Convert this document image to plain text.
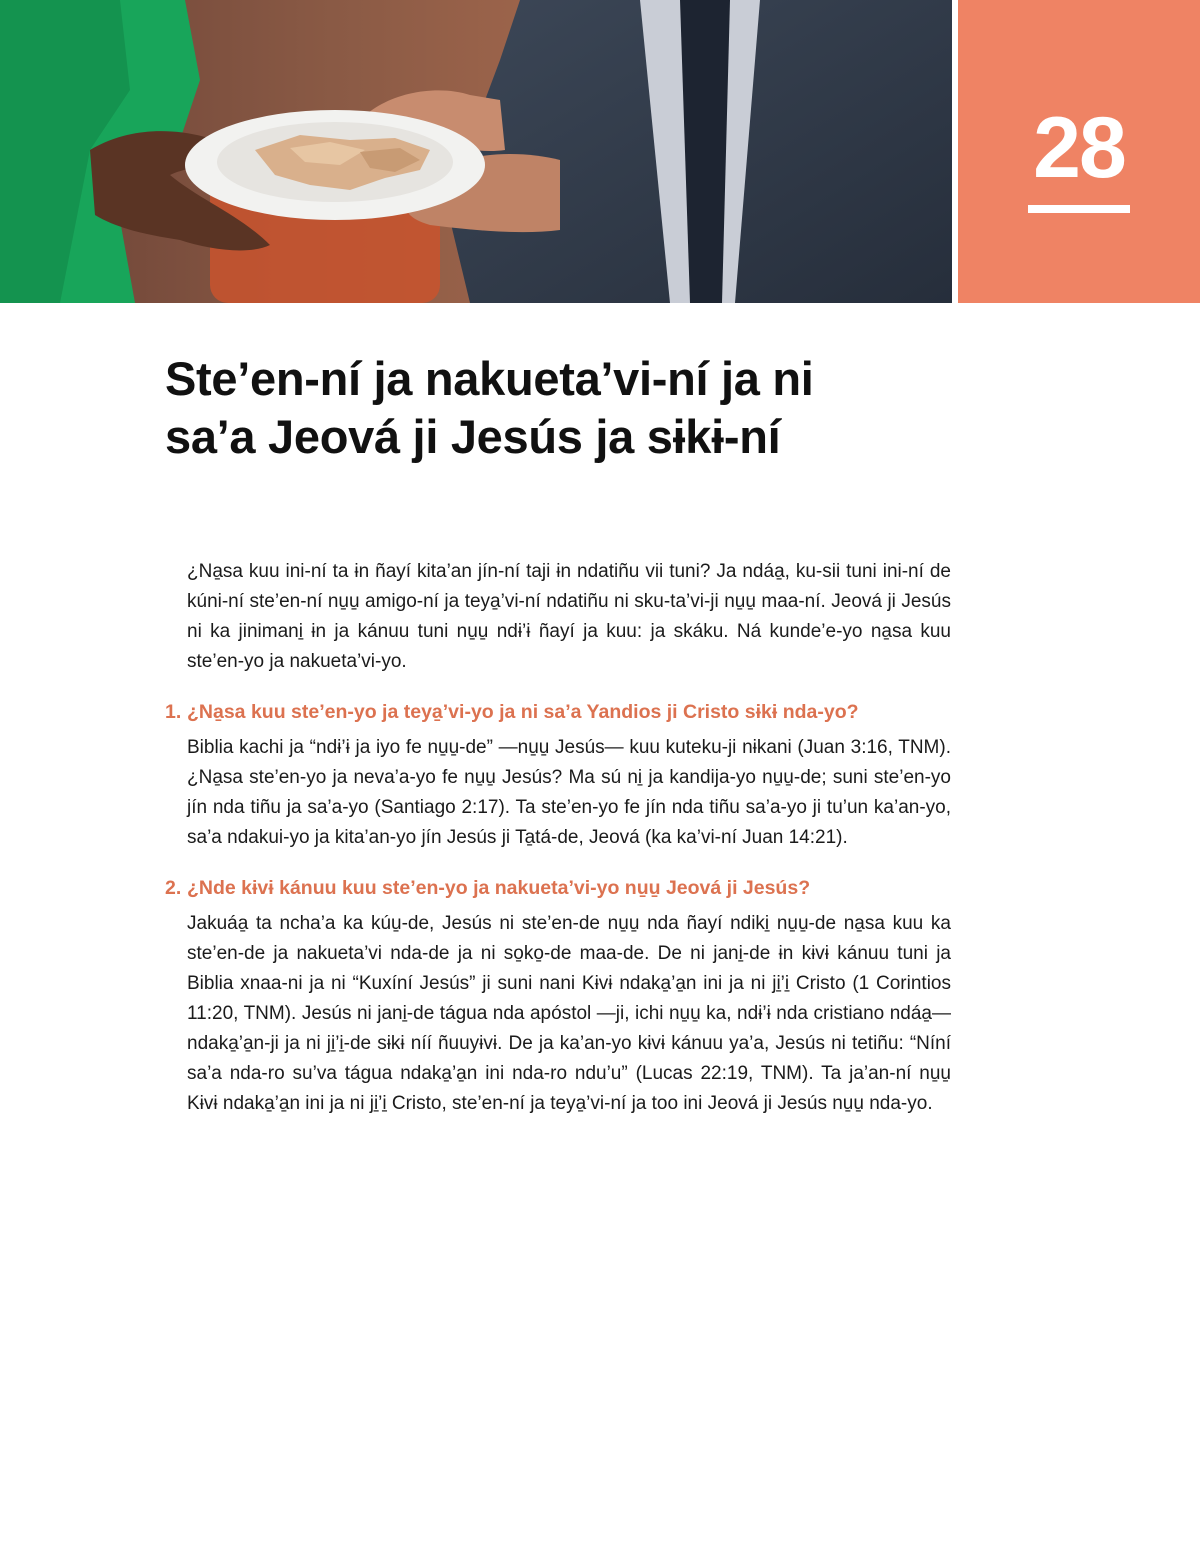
28
Ste’en-ní ja nakueta’vi-ní ja ni
sa’a Jeová ji Jesús ja sɨkɨ-ní

¿Na̱sa kuu ini-ní ta ɨn ñayí kita’an jín-ní taji ɨn ndatiñu vii tuni? Ja ndáa̱, ku-sii tuni ini-ní de kúni-ní ste’en-ní nu̱u̱ amigo-ní ja teya̱’vi-ní ndatiñu ni sku-ta’vi-ji nu̱u̱ maa-ní. Jeová ji Jesús ni ka jinimani̱ ɨn ja kánuu tuni nu̱u̱ ndɨ’ɨ ñayí ja kuu: ja skáku. Ná kunde’e-yo na̱sa kuu ste’en-yo ja nakueta’vi-yo.

1. ¿Na̱sa kuu ste’en-yo ja teya̱’vi-yo ja ni sa’a Yandios ji Cristo sɨkɨ nda-yo?

Biblia kachi ja “ndɨ’ɨ ja iyo fe nu̱u̱-de” —nu̱u̱ Jesús— kuu kuteku-ji nɨkani (Juan 3:16, TNM). ¿Na̱sa ste’en-yo ja neva’a-yo fe nu̱u̱ Jesús? Ma sú ni̱ ja kandija-yo nu̱u̱-de; suni ste’en-yo jín nda tiñu ja sa’a-yo (Santiago 2:17). Ta ste’en-yo fe jín nda tiñu sa’a-yo ji tu’un ka’an-yo, sa’a ndakui-yo ja kita’an-yo jín Jesús ji Ta̱tá-de, Jeová (ka ka’vi-ní Juan 14:21).

2. ¿Nde kɨvɨ kánuu kuu ste’en-yo ja nakueta’vi-yo nu̱u̱ Jeová ji Jesús?

Jakuáa̱ ta ncha’a ka kúu̱-de, Jesús ni ste’en-de nu̱u̱ nda ñayí ndiki̱ nu̱u̱-de na̱sa kuu ka ste’en-de ja nakueta’vi nda-de ja ni so̱ko̱-de maa-de. De ni jani̱-de ɨn kɨvɨ kánuu tuni ja Biblia xnaa-ni ja ni “Kuxíní Jesús” ji suni nani Kɨvɨ ndaka̱’a̱n ini ja ni ji̱’i̱ Cristo (1 Corintios 11:20, TNM). Jesús ni jani̱-de tágua nda apóstol —ji, ichi nu̱u̱ ka, ndɨ’ɨ nda cristiano ndáa̱— ndaka̱’a̱n-ji ja ni ji̱’i̱-de sɨkɨ níí ñuuyɨvɨ. De ja ka’an-yo kɨvɨ kánuu ya’a, Jesús ni tetiñu: “Níní sa’a nda-ro su’va tágua ndaka̱’a̱n ini nda-ro ndu’u” (Lucas 22:19, TNM). Ta ja’an-ní nu̱u̱ Kɨvɨ ndaka̱’a̱n ini ja ni ji̱’i̱ Cristo, ste’en-ní ja teya̱’vi-ní ja too ini Jeová ji Jesús nu̱u̱ nda-yo.
